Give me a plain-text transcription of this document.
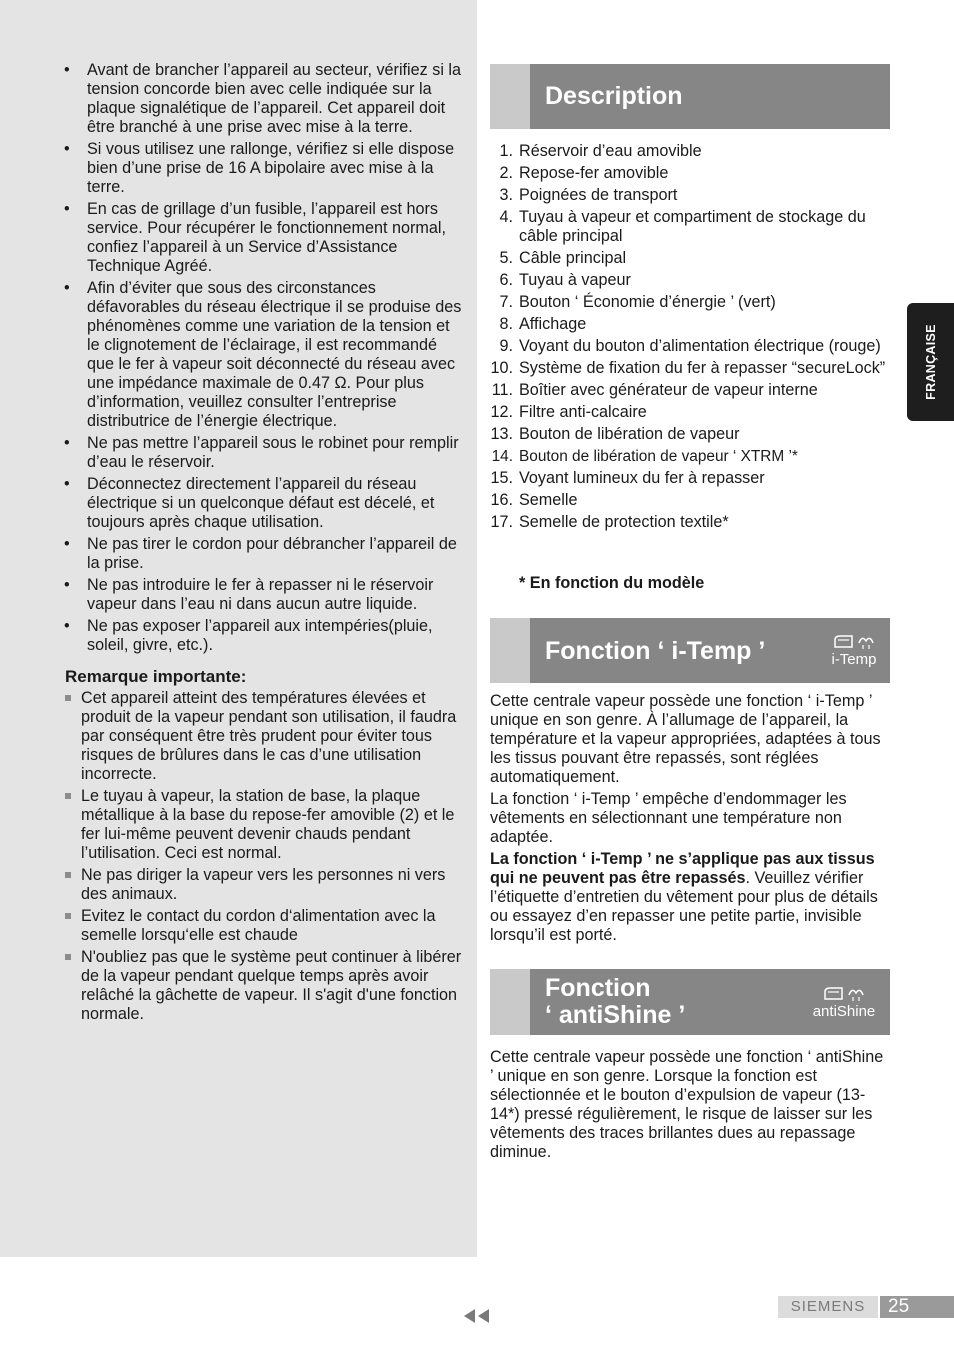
• Avant de brancher l’appareil au secteur, vérifiez si la tension concorde bien avec celle indiquée sur la plaque signalétique de l’appareil. Cet appareil doit être branché à une prise avec mise à la terre.
• Si vous utilisez une rallonge, vérifiez si elle dispose bien d’une prise de 16 A bipolaire avec mise à la terre.
• En cas de grillage d’un fusible, l’appareil est hors service. Pour récupérer le fonctionnement normal, confiez l’appareil à un Service d’Assistance Technique Agréé.
• Afin d’éviter que sous des circonstances défavorables du réseau électrique il se produise des phénomènes comme une variation de la tension et le clignotement de l’éclairage, il est recommandé que le fer à vapeur soit déconnecté du réseau avec une impédance maximale de 0.47 Ω. Pour plus d’information, veuillez consulter l’entreprise distributrice de l’énergie électrique.
• Ne pas mettre l’appareil sous le robinet pour remplir d’eau le réservoir.
• Déconnectez directement l’appareil du réseau électrique si un quelconque défaut est décelé, et toujours après chaque utilisation.
• Ne pas tirer le cordon pour débrancher l’appareil de la prise.
• Ne pas introduire le fer à repasser ni le réservoir vapeur dans l’eau ni dans aucun autre liquide.
• Ne pas exposer l’appareil aux intempéries(pluie, soleil, givre, etc.).
Remarque importante:
Cet appareil atteint des températures élevées et produit de la vapeur pendant son utilisation, il faudra par conséquent être très prudent pour éviter tous risques de brûlures dans le cas d’une utilisation incorrecte.
Le tuyau à vapeur, la station de base, la plaque métallique à la base du repose-fer amovible (2) et le fer lui-même peuvent devenir chauds pendant l’utilisation. Ceci est normal.
Ne pas diriger la vapeur vers les personnes ni vers des animaux.
Evitez le contact du cordon d‘alimentation avec la semelle lorsqu‘elle est chaude
N'oubliez pas que le système peut continuer à libérer de la vapeur pendant quelque temps après avoir relâché la gâchette de vapeur. Il s'agit d'une fonction normale.
Description
1. Réservoir d’eau amovible
2. Repose-fer amovible
3. Poignées de transport
4. Tuyau à vapeur et compartiment de stockage du câble principal
5. Câble principal
6. Tuyau à vapeur
7. Bouton ‘ Économie d’énergie ’ (vert)
8. Affichage
9. Voyant du bouton d’alimentation électrique (rouge)
10. Système de fixation du fer à repasser “secureLock”
11. Boîtier avec générateur de vapeur interne
12. Filtre anti-calcaire
13. Bouton de libération de vapeur
14. Bouton de libération de vapeur ‘ XTRM ’*
15. Voyant lumineux du fer à repasser
16. Semelle
17. Semelle de protection textile*
* En fonction du modèle
Fonction ‘ i-Temp ’	i-Temp

Cette centrale vapeur possède une fonction ‘ i-Temp ’ unique en son genre. À l’allumage de l’appareil, la température et la vapeur appropriées, adaptées à tous les tissus pouvant être repassés, sont réglées automatiquement.

La fonction ‘ i-Temp ’ empêche d’endommager les vêtements en sélectionnant une température non adaptée.

La fonction ‘ i-Temp ’ ne s’applique pas aux tissus qui ne peuvent pas être repassés. Veuillez vérifier l’étiquette d’entretien du vêtement pour plus de détails ou essayez d’en repasser une petite partie, invisible lorsqu’il est porté.

Fonction
‘ antiShine ’	antiShine

Cette centrale vapeur possède une fonction ‘ antiShine ’ unique en son genre. Lorsque la fonction est sélectionnée et le bouton d’expulsion de vapeur (13-14*) pressé régulièrement, le risque de laisser sur les vêtements des traces brillantes dues au repassage diminue.

FRANÇAISE
SIEMENS	25
